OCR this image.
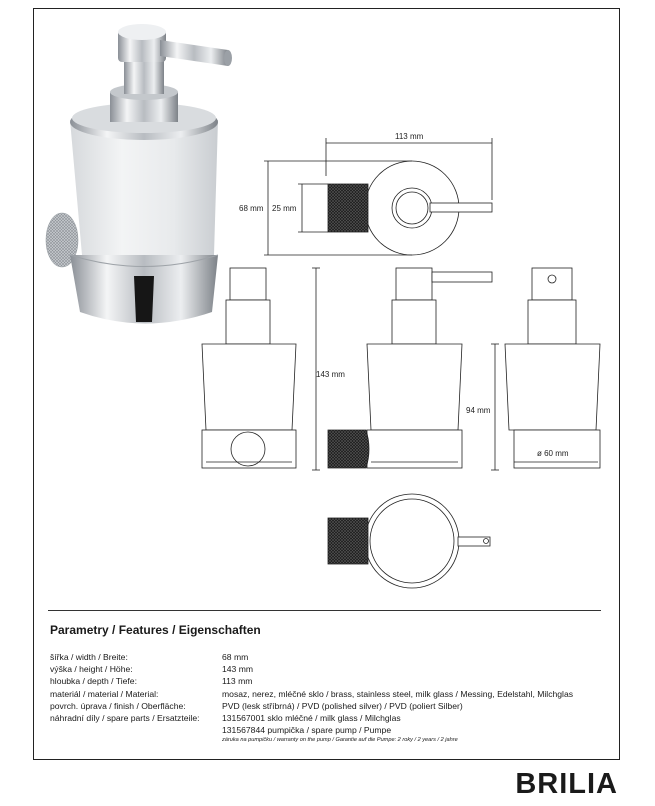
113 mm
68 mm 25 mm
143 mm
94 mm
ø 60 mm
Parametry / Features / Eigenschaften
šířka / width / Breite:	68 mm
výška / height / Höhe:	143 mm
hloubka / depth / Tiefe:	113 mm
materiál / material / Material:	mosaz, nerez, mléčné sklo / brass, stainless steel, milk glass / Messing, Edelstahl, Milchglas
povrch. úprava / finish / Oberfläche:	PVD (lesk stříbrná) / PVD (polished silver) / PVD (poliert Silber)
náhradní díly / spare parts / Ersatzteile:	131567001 sklo mléčné / milk glass / Milchglas
	131567844 pumpička / spare pump / Pumpe
	záruka na pumpičku / warranty on the pump / Garantie auf die Pumpe: 2 roky / 2 years / 2 jahre
BRILIA
